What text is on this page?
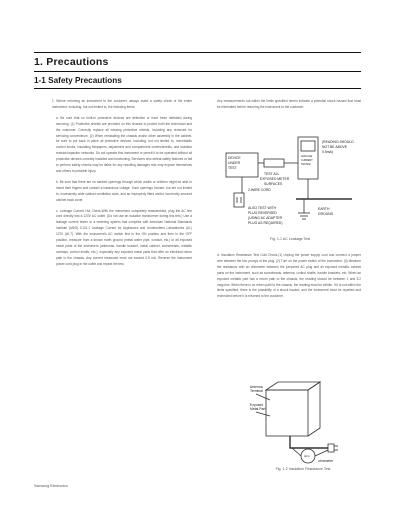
1. Precautions
1-1 Safety Precautions

1. Before returning an instrument to the customer, always make a safety check of the entire instrument, including, but not limited to, the following items:

a. Be sure that no built-in protective devices are defective or have been defeated during servicing. (1) Protective shields are provided on this chassis to protect both the technician and the customer. Correctly replace all missing protective shields, including any removed for servicing convenience. (2) When reinstalling the chassis and/or other assembly in the cabinet, be sure to put back in place all protective devices, including, but not limited to, nonmetallic control knobs, insulating fishpapers, adjustment and compartment covers/shields, and isolation resistor/capacitor networks. Do not operate this instrument or permit it to be operated without all protective devices correctly installed and functioning. Servicers who defeat safety features or fail to perform safety checks may be liable for any resulting damages and may expose themselves and others to possible injury.

b. Be sure that there are no cabinet openings through which adults or children might be able to insert their fingers and contact a hazardous voltage. Such openings include, but are not limited to, excessively wide cabinet ventilation slots, and an improperly fitted and/or incorrectly secured cabinet back cover.

c. Leakage Current Hot Check-With the instrument completely reassembled, plug the AC line cord directly into a 120V AC outlet. (Do not use an isolation transformer during this test.) Use a leakage current tester or a metering system that complies with American National Standards Institute (ANSI) C101.1 Leakage Current for Appliances and Underwriters Laboratories (UL) 1270 (40.7). With the instrument's AC switch first in the ON position and then in the OFF position, measure from a known earth ground (metal water pipe, conduit, etc.) to all exposed metal parts of the instrument (antennas, handle bracket, metal cabinet, screwheads, metallic overlays, control shafts, etc.), especially any exposed metal parts that offer an electrical return path to the chassis. Any current measured must not exceed 0.5 mA. Reverse the instrument power cord plug in the outlet and repeat the test.

Any measurements not within the limits specified herein indicate a potential shock hazard that must be eliminated before returning the instrument to the customer.

DEVICE
UNDER
TEST
TEST ALL
EXPOSED METER
SURFACES
(READING SHOULD
NOT BE ABOVE
0.5mA)
LEAKAGE
CURRENT
TESTER
2-WIRE CORD
ALSO TEST WITH
PLUG REVERSED
(USING AC ADAPTER
PLUG AS REQUIRED)
EARTH
GROUND
Fig. 1-1 AC Leakage Test

d. Insulation Resistance Test Cold Check-(1) Unplug the power supply cord and connect a jumper wire between the two prongs of the plug. (2) Turn on the power switch of the instrument. (3) Measure the resistance with an ohmmeter between the jumpered AC plug and all exposed metallic cabinet parts on the instrument, such as screwheads, antenna, control shafts, handle brackets, etc. When an exposed metallic part has a return path to the chassis, the reading should be between 1 and 5.2 megohm. When there is no return path to the chassis, the reading must be infinite. If it is not within the limits specified, there is the possibility of a shock hazard, and the instrument must be repaired and rechecked before it is returned to the customer.

Antenna
Terminal
Exposed
Metal Part
ohm
ohmmeter
Fig. 1-2 Insulation Resistance Test
Samsung Electronics
